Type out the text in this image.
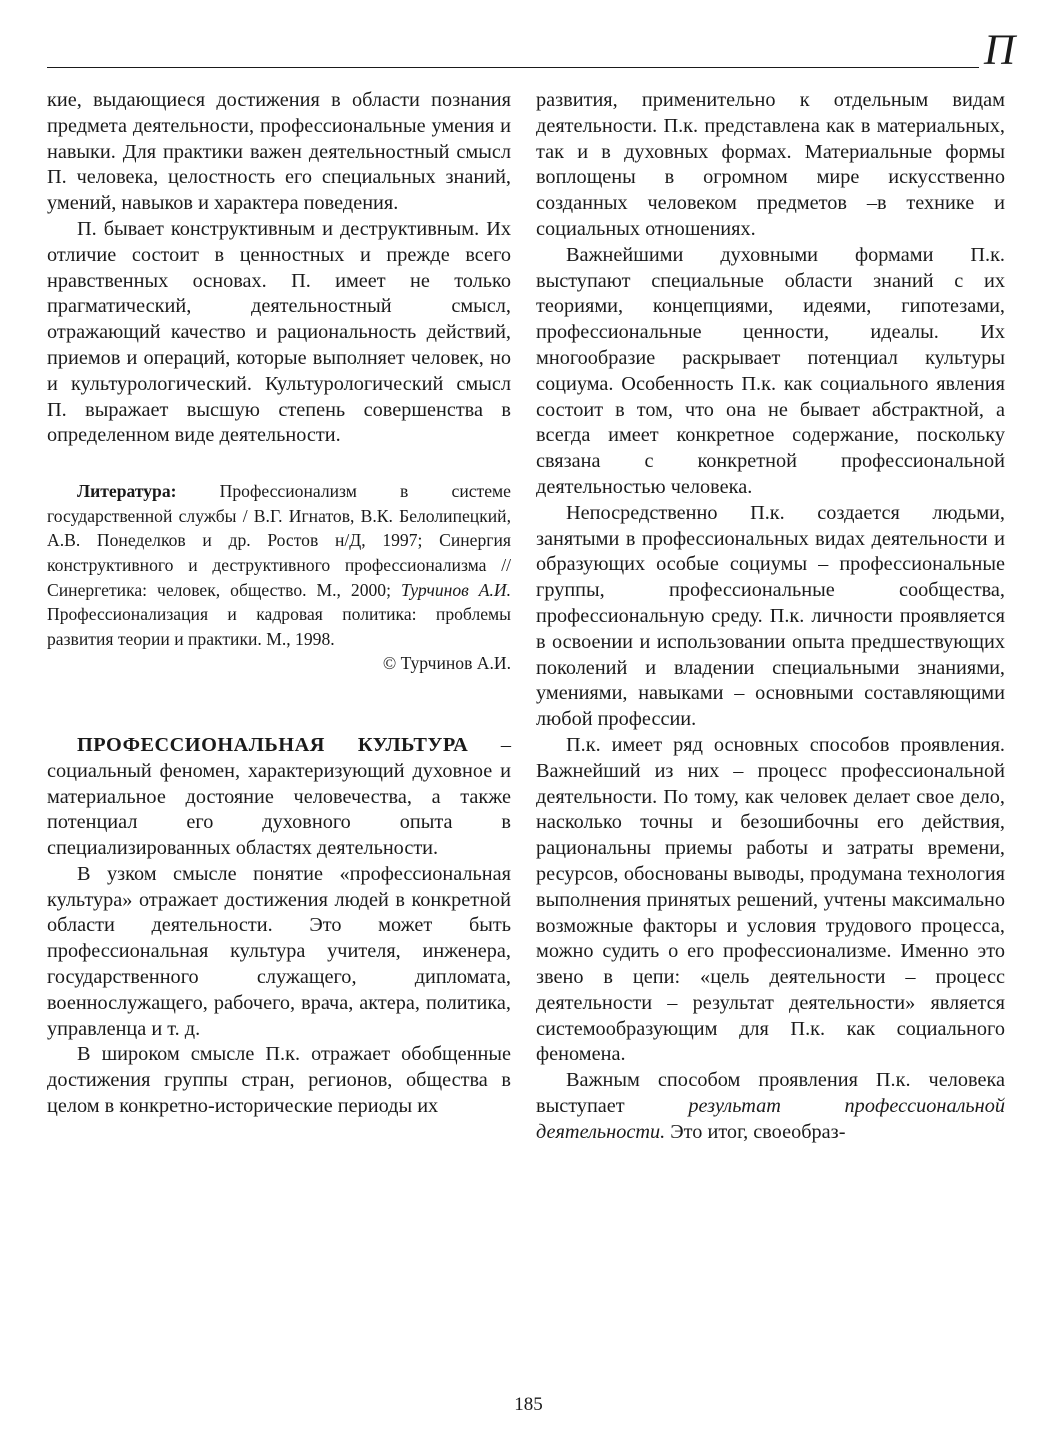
П

кие, выдающиеся достижения в области познания предмета деятельности, профессиональные умения и навыки. Для практики важен деятельностный смысл П. человека, целостность его специальных знаний, умений, навыков и характера поведения.

П. бывает конструктивным и деструктивным. Их отличие состоит в ценностных и прежде всего нравственных основах. П. имеет не только прагматический, деятельностный смысл, отражающий качество и рациональность действий, приемов и операций, которые выполняет человек, но и культурологический. Культурологический смысл П. выражает высшую степень совершенства в определенном виде деятельности.

Литература: Профессионализм в системе государственной службы / В.Г. Игнатов, В.К. Белолипецкий, А.В. Понеделков и др. Ростов н/Д, 1997; Синергия конструктивного и деструктивного профессионализма // Синергетика: человек, общество. М., 2000; Турчинов А.И. Профессионализация и кадровая политика: проблемы развития теории и практики. М., 1998.

© Турчинов А.И.

ПРОФЕССИОНАЛЬНАЯ КУЛЬТУРА – социальный феномен, характеризующий духовное и материальное достояние человечества, а также потенциал его духовного опыта в специализированных областях деятельности.

В узком смысле понятие «профессиональная культура» отражает достижения людей в конкретной области деятельности. Это может быть профессиональная культура учителя, инженера, государственного служащего, дипломата, военнослужащего, рабочего, врача, актера, политика, управленца и т. д.

В широком смысле П.к. отражает обобщенные достижения группы стран, регионов, общества в целом в конкретно-исторические периоды их

развития, применительно к отдельным видам деятельности. П.к. представлена как в материальных, так и в духовных формах. Материальные формы воплощены в огромном мире искусственно созданных человеком предметов –в технике и социальных отношениях.

Важнейшими духовными формами П.к. выступают специальные области знаний с их теориями, концепциями, идеями, гипотезами, профессиональные ценности, идеалы. Их многообразие раскрывает потенциал культуры социума. Особенность П.к. как социального явления состоит в том, что она не бывает абстрактной, а всегда имеет конкретное содержание, поскольку связана с конкретной профессиональной деятельностью человека.

Непосредственно П.к. создается людьми, занятыми в профессиональных видах деятельности и образующих особые социумы – профессиональные группы, профессиональные сообщества, профессиональную среду. П.к. личности проявляется в освоении и использовании опыта предшествующих поколений и владении специальными знаниями, умениями, навыками – основными составляющими любой профессии.

П.к. имеет ряд основных способов проявления. Важнейший из них – процесс профессиональной деятельности. По тому, как человек делает свое дело, насколько точны и безошибочны его действия, рациональны приемы работы и затраты времени, ресурсов, обоснованы выводы, продумана технология выполнения принятых решений, учтены максимально возможные факторы и условия трудового процесса, можно судить о его профессионализме. Именно это звено в цепи: «цель деятельности – процесс деятельности – результат деятельности» является системообразующим для П.к. как социального феномена.

Важным способом проявления П.к. человека выступает результат профессиональной деятельности. Это итог, своеобраз-

185
